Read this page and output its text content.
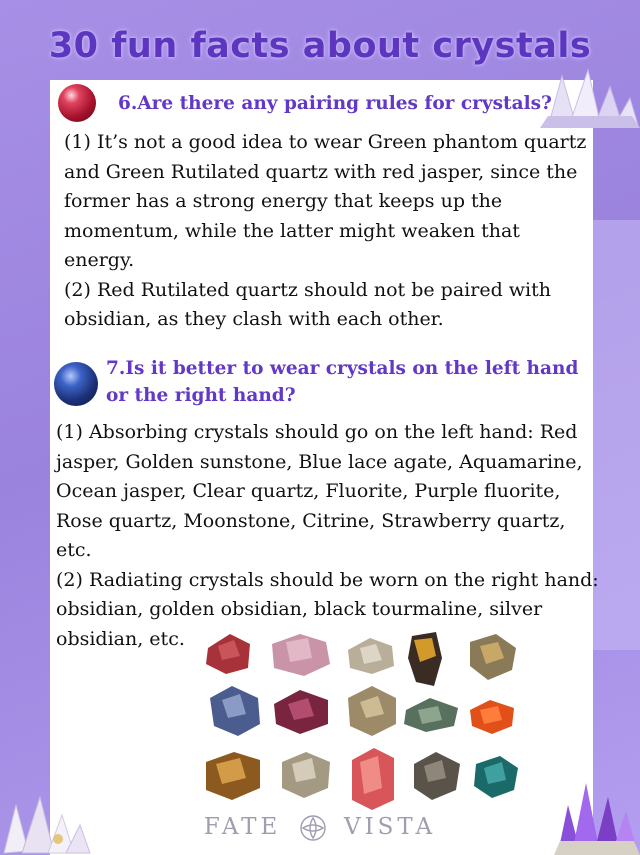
30 fun facts about crystals
6.Are there any pairing rules for crystals?
(1) It’s not a good idea to wear Green phantom quartz
and Green Rutilated quartz with red jasper, since the
former has a strong energy that keeps up the
momentum, while the latter might weaken that
energy.
(2) Red Rutilated quartz should not be paired with
obsidian, as they clash with each other.
7.Is it better to wear crystals on the left hand
or the right hand?
(1) Absorbing crystals should go on the left hand: Red
jasper, Golden sunstone, Blue lace agate, Aquamarine,
Ocean jasper, Clear quartz, Fluorite, Purple fluorite,
Rose quartz, Moonstone, Citrine, Strawberry quartz,
etc.
(2) Radiating crystals should be worn on the right hand:
obsidian, golden obsidian, black tourmaline, silver
obsidian, etc.
FATE	VISTA
